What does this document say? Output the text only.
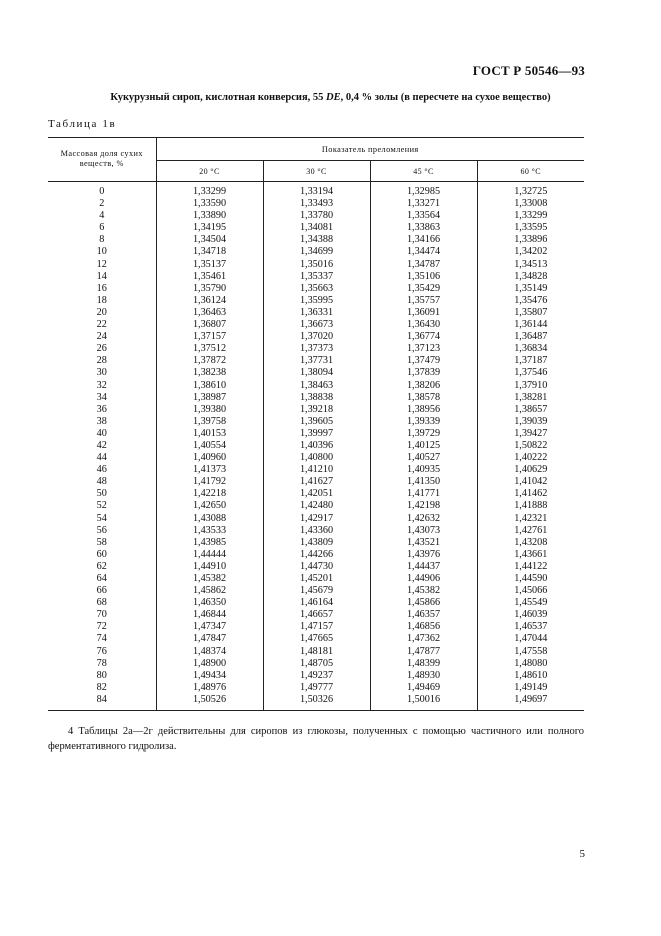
ГОСТ Р 50546—93
Кукурузный сироп, кислотная конверсия, 55 DE, 0,4 % золы (в пересчете на сухое вещество)
Таблица 1в
Массовая доля сухих веществ, %	Показатель преломления			
	20 °C	30 °C	45 °C	60 °C
0	1,33299	1,33194	1,32985	1,32725
2	1,33590	1,33493	1,33271	1,33008
4	1,33890	1,33780	1,33564	1,33299
6	1,34195	1,34081	1,33863	1,33595
8	1,34504	1,34388	1,34166	1,33896
10	1,34718	1,34699	1,34474	1,34202
12	1,35137	1,35016	1,34787	1,34513
14	1,35461	1,35337	1,35106	1,34828
16	1,35790	1,35663	1,35429	1,35149
18	1,36124	1,35995	1,35757	1,35476
20	1,36463	1,36331	1,36091	1,35807
22	1,36807	1,36673	1,36430	1,36144
24	1,37157	1,37020	1,36774	1,36487
26	1,37512	1,37373	1,37123	1,36834
28	1,37872	1,37731	1,37479	1,37187
30	1,38238	1,38094	1,37839	1,37546
32	1,38610	1,38463	1,38206	1,37910
34	1,38987	1,38838	1,38578	1,38281
36	1,39380	1,39218	1,38956	1,38657
38	1,39758	1,39605	1,39339	1,39039
40	1,40153	1,39997	1,39729	1,39427
42	1,40554	1,40396	1,40125	1,50822
44	1,40960	1,40800	1,40527	1,40222
46	1,41373	1,41210	1,40935	1,40629
48	1,41792	1,41627	1,41350	1,41042
50	1,42218	1,42051	1,41771	1,41462
52	1,42650	1,42480	1,42198	1,41888
54	1,43088	1,42917	1,42632	1,42321
56	1,43533	1,43360	1,43073	1,42761
58	1,43985	1,43809	1,43521	1,43208
60	1,44444	1,44266	1,43976	1,43661
62	1,44910	1,44730	1,44437	1,44122
64	1,45382	1,45201	1,44906	1,44590
66	1,45862	1,45679	1,45382	1,45066
68	1,46350	1,46164	1,45866	1,45549
70	1,46844	1,46657	1,46357	1,46039
72	1,47347	1,47157	1,46856	1,46537
74	1,47847	1,47665	1,47362	1,47044
76	1,48374	1,48181	1,47877	1,47558
78	1,48900	1,48705	1,48399	1,48080
80	1,49434	1,49237	1,48930	1,48610
82	1,48976	1,49777	1,49469	1,49149
84	1,50526	1,50326	1,50016	1,49697
4 Таблицы 2а—2г действительны для сиропов из глюкозы, полученных с помощью частичного или полного ферментативного гидролиза.
5
